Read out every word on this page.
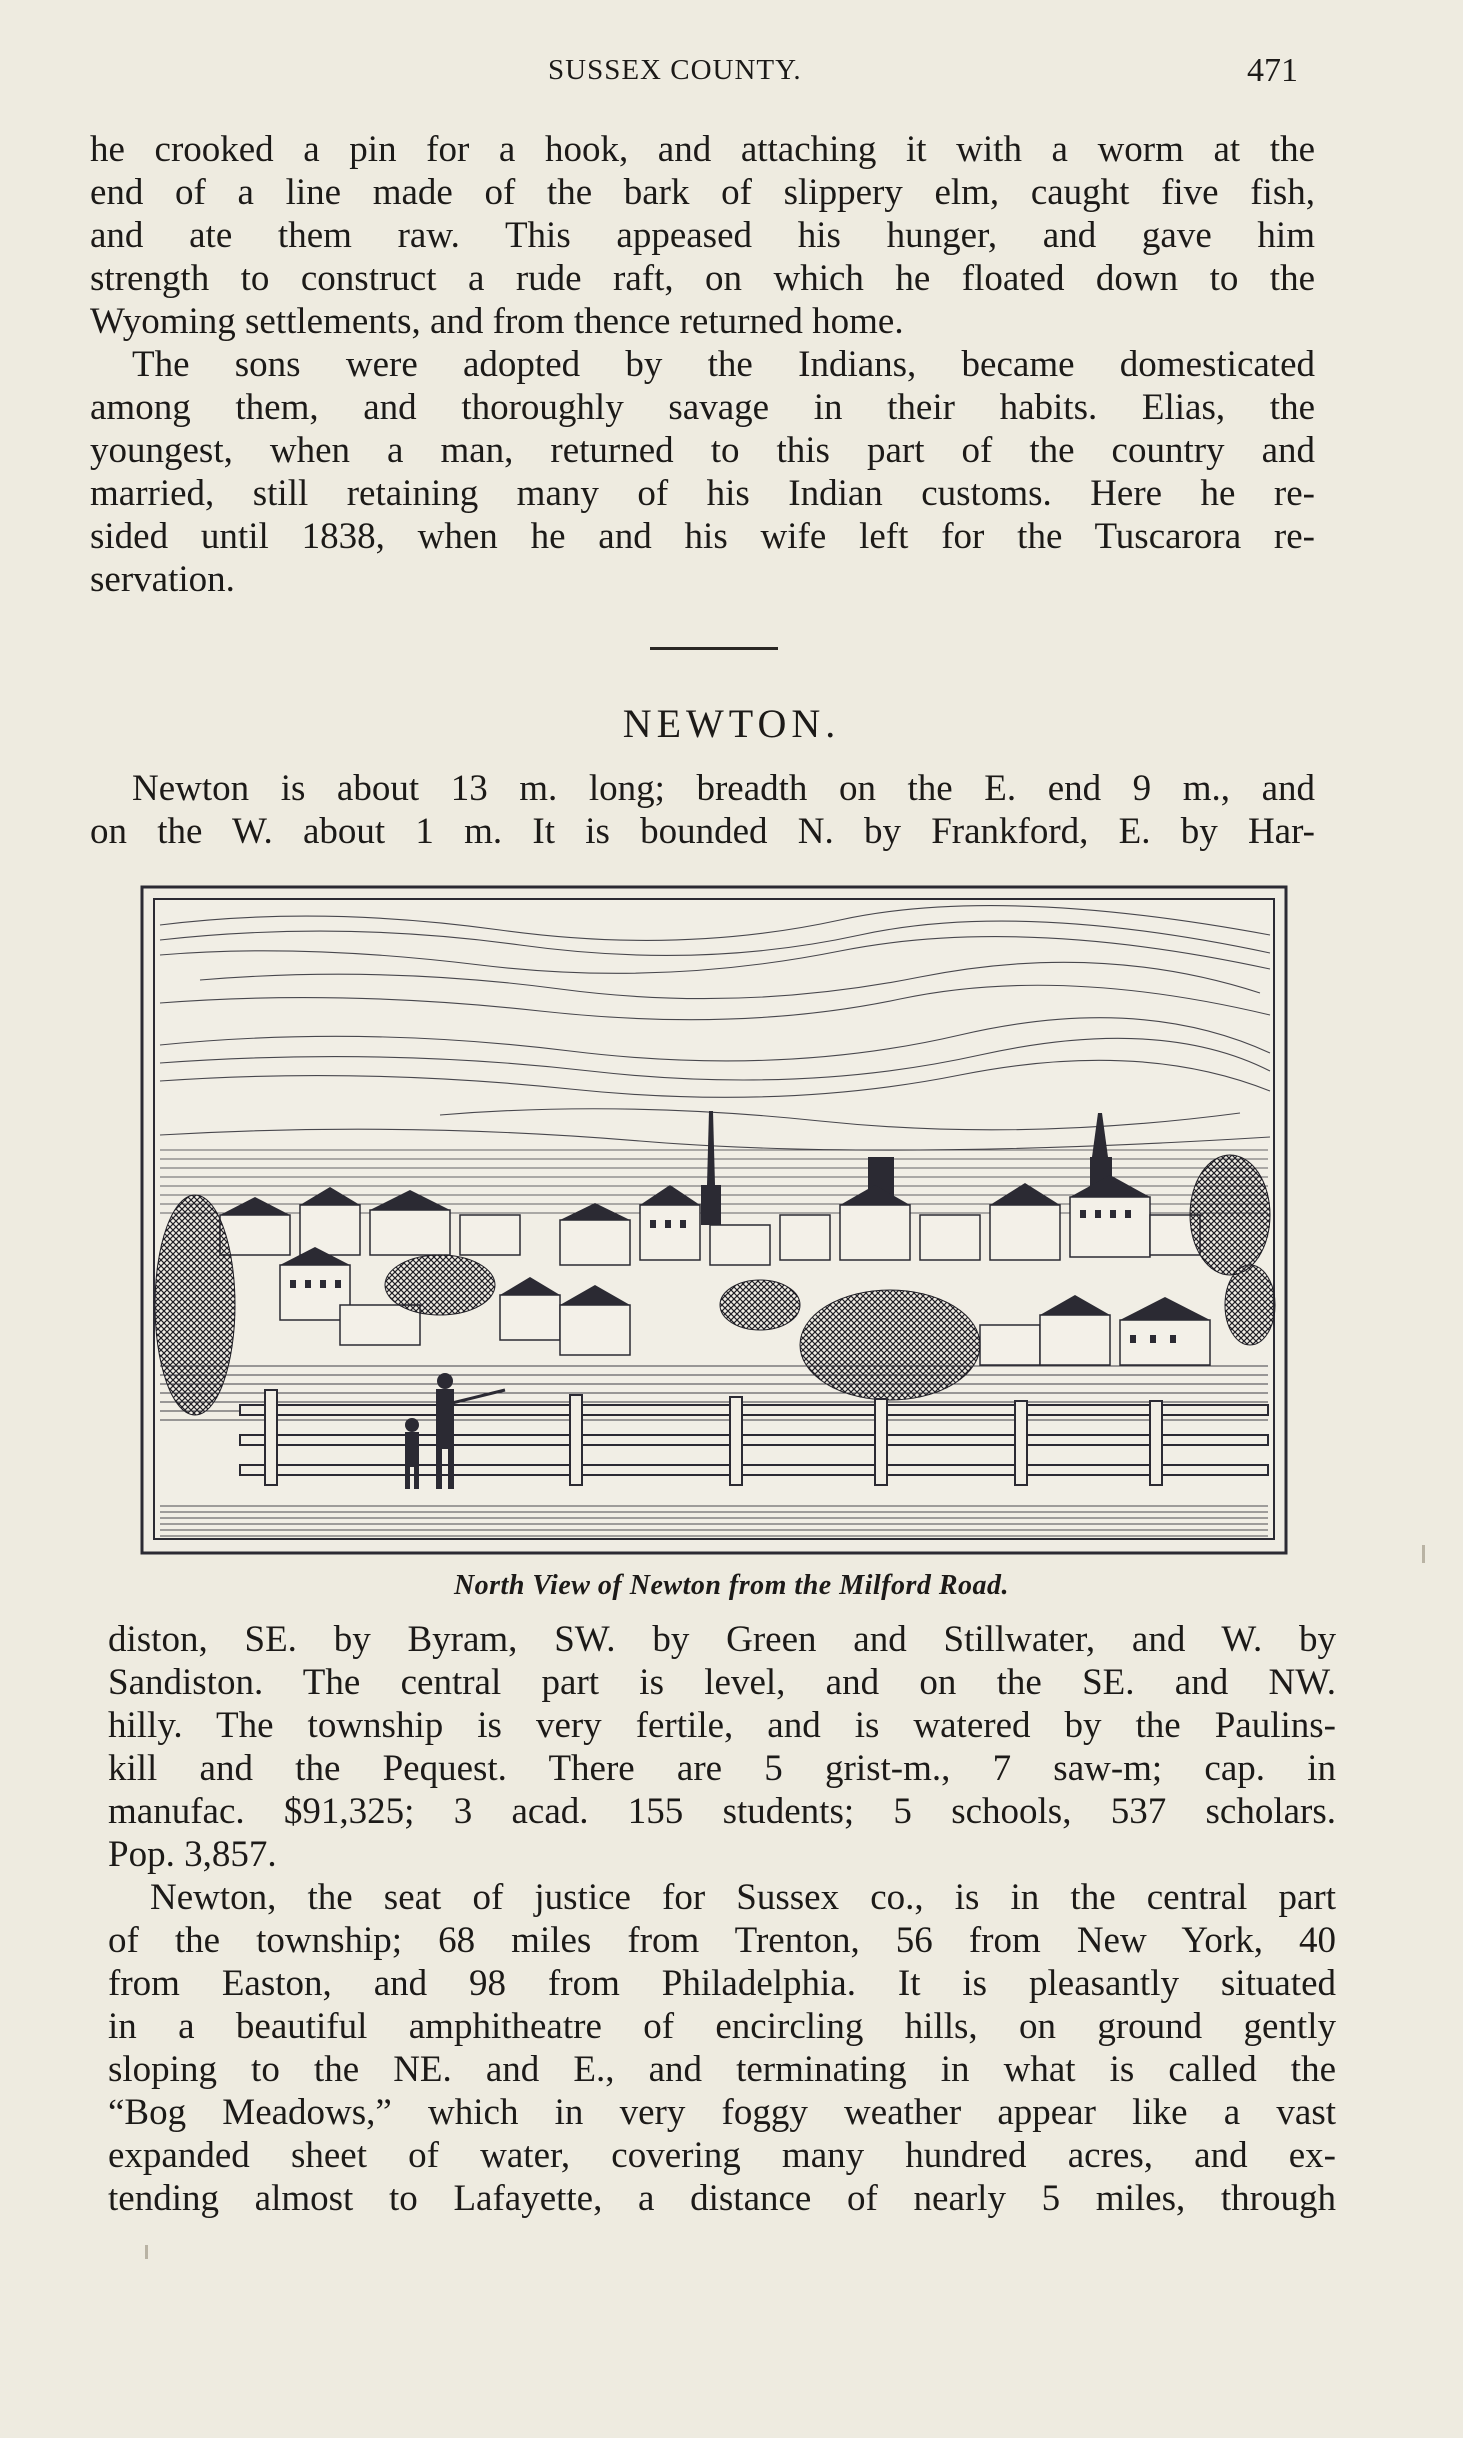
SUSSEX COUNTY.	471
he crooked a pin for a hook, and attaching it with a worm at the
end of a line made of the bark of slippery elm, caught five fish,
and ate them raw. This appeased his hunger, and gave him
strength to construct a rude raft, on which he floated down to the
Wyoming settlements, and from thence returned home.
The sons were adopted by the Indians, became domesticated
among them, and thoroughly savage in their habits. Elias, the
youngest, when a man, returned to this part of the country and
married, still retaining many of his Indian customs. Here he re-
sided until 1838, when he and his wife left for the Tuscarora re-
servation.
NEWTON.
Newton is about 13 m. long; breadth on the E. end 9 m., and
on the W. about 1 m. It is bounded N. by Frankford, E. by Har-
North View of Newton from the Milford Road.
diston, SE. by Byram, SW. by Green and Stillwater, and W. by
Sandiston. The central part is level, and on the SE. and NW.
hilly. The township is very fertile, and is watered by the Paulins-
kill and the Pequest. There are 5 grist-m., 7 saw-m; cap. in
manufac. $91,325; 3 acad. 155 students; 5 schools, 537 scholars.
Pop. 3,857.
Newton, the seat of justice for Sussex co., is in the central part
of the township; 68 miles from Trenton, 56 from New York, 40
from Easton, and 98 from Philadelphia. It is pleasantly situated
in a beautiful amphitheatre of encircling hills, on ground gently
sloping to the NE. and E., and terminating in what is called the
“Bog Meadows,” which in very foggy weather appear like a vast
expanded sheet of water, covering many hundred acres, and ex-
tending almost to Lafayette, a distance of nearly 5 miles, through
